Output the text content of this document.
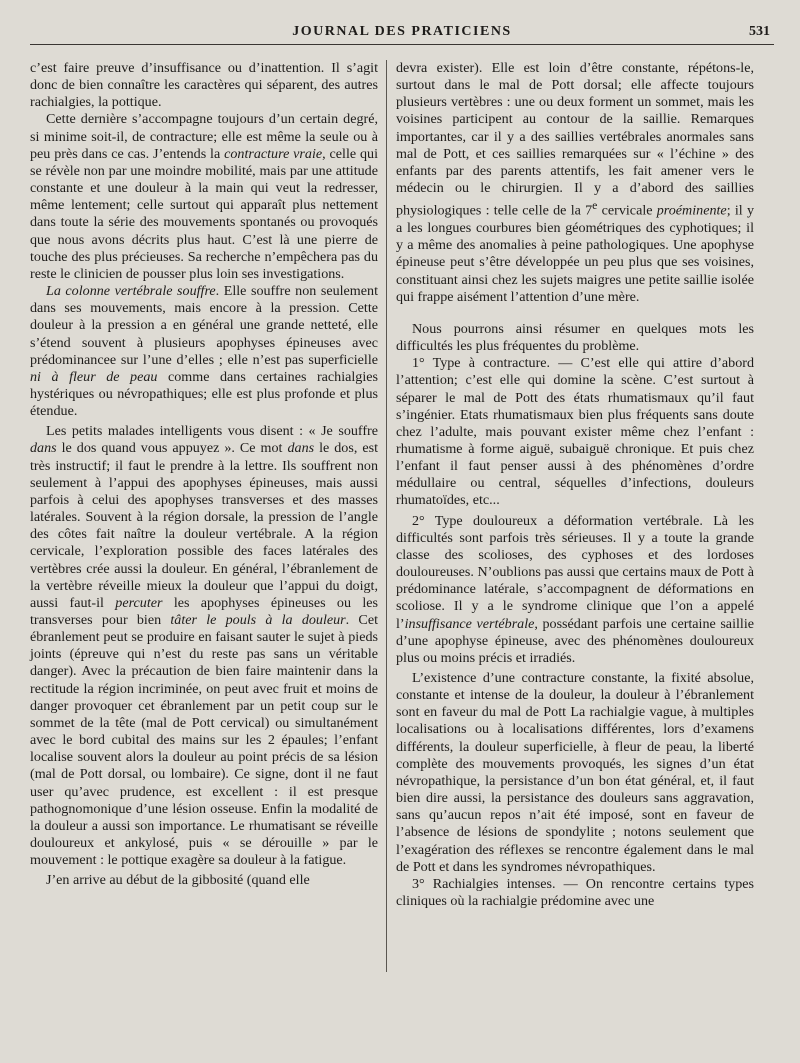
JOURNAL DES PRATICIENS	531

c’est faire preuve d’insuffisance ou d’inattention. Il s’agit donc de bien connaître les caractères qui séparent, des autres rachialgies, la pottique.

Cette dernière s’accompagne toujours d’un certain degré, si minime soit-il, de contracture; elle est même la seule ou à peu près dans ce cas. J’entends la contracture vraie, celle qui se révèle non par une moindre mobilité, mais par une attitude constante et une douleur à la main qui veut la redresser, même lentement; celle surtout qui apparaît plus nettement dans toute la série des mouvements spontanés ou provoqués que nous avons décrits plus haut. C’est là une pierre de touche des plus précieuses. Sa recherche n’empêchera pas du reste le clinicien de pousser plus loin ses investigations.

La colonne vertébrale souffre. Elle souffre non seulement dans ses mouvements, mais encore à la pression. Cette douleur à la pression a en général une grande netteté, elle s’étend souvent à plusieurs apophyses épineuses avec prédominancee sur l’une d’elles ; elle n’est pas superficielle ni à fleur de peau comme dans certaines rachialgies hystériques ou névropathiques; elle est plus profonde et plus étendue.

Les petits malades intelligents vous disent : « Je souffre dans le dos quand vous appuyez ». Ce mot dans le dos, est très instructif; il faut le prendre à la lettre. Ils souffrent non seulement à l’appui des apophyses épineuses, mais aussi parfois à celui des apophyses transverses et des masses latérales. Souvent à la région dorsale, la pression de l’angle des côtes fait naître la douleur vertébrale. A la région cervicale, l’exploration possible des faces latérales des vertèbres crée aussi la douleur. En général, l’ébranlement de la vertèbre réveille mieux la douleur que l’appui du doigt, aussi faut-il percuter les apophyses épineuses ou les transverses pour bien tâter le pouls à la douleur. Cet ébranlement peut se produire en faisant sauter le sujet à pieds joints (épreuve qui n’est du reste pas sans un véritable danger). Avec la précaution de bien faire maintenir dans la rectitude la région incriminée, on peut avec fruit et moins de danger provoquer cet ébranlement par un petit coup sur le sommet de la tête (mal de Pott cervical) ou simultanément avec le bord cubital des mains sur les 2 épaules; l’enfant localise souvent alors la douleur au point précis de sa lésion (mal de Pott dorsal, ou lombaire). Ce signe, dont il ne faut user qu’avec prudence, est excellent : il est presque pathognomonique d’une lésion osseuse. Enfin la modalité de la douleur a aussi son importance. Le rhumatisant se réveille douloureux et ankylosé, puis « se dérouille » par le mouvement : le pottique exagère sa douleur à la fatigue.

J’en arrive au début de la gibbosité (quand elle

devra exister). Elle est loin d’être constante, répétons-le, surtout dans le mal de Pott dorsal; elle affecte toujours plusieurs vertèbres : une ou deux forment un sommet, mais les voisines participent au contour de la saillie. Remarques importantes, car il y a des saillies vertébrales anormales sans mal de Pott, et ces saillies remarquées sur « l’échine » des enfants par des parents attentifs, les fait amener vers le médecin ou le chirurgien. Il y a d’abord des saillies physiologiques : telle celle de la 7e cervicale proéminente; il y a les longues courbures bien géométriques des cyphotiques; il y a même des anomalies à peine pathologiques. Une apophyse épineuse peut s’être développée un peu plus que ses voisines, constituant ainsi chez les sujets maigres une petite saillie isolée qui frappe aisément l’attention d’une mère.

Nous pourrons ainsi résumer en quelques mots les difficultés les plus fréquentes du problème.

1° Type à contracture. — C’est elle qui attire d’abord l’attention; c’est elle qui domine la scène. C’est surtout à séparer le mal de Pott des états rhumatismaux qu’il faut s’ingénier. Etats rhumatismaux bien plus fréquents sans doute chez l’adulte, mais pouvant exister même chez l’enfant : rhumatisme à forme aiguë, subaiguë chronique. Et puis chez l’enfant il faut penser aussi à des phénomènes d’ordre médullaire ou central, séquelles d’infections, douleurs rhumatoïdes, etc...

2° Type douloureux a déformation vertébrale. Là les difficultés sont parfois très sérieuses. Il y a toute la grande classe des scolioses, des cyphoses et des lordoses douloureuses. N’oublions pas aussi que certains maux de Pott à prédominance latérale, s’accompagnent de déformations en scoliose. Il y a le syndrome clinique que l’on a appelé l’insuffisance vertébrale, possédant parfois une certaine saillie d’une apophyse épineuse, avec des phénomènes douloureux plus ou moins précis et irradiés.

L’existence d’une contracture constante, la fixité absolue, constante et intense de la douleur, la douleur à l’ébranlement sont en faveur du mal de Pott La rachialgie vague, à multiples localisations ou à localisations différentes, lors d’examens différents, la douleur superficielle, à fleur de peau, la liberté complète des mouvements provoqués, les signes d’un état névropathique, la persistance d’un bon état général, et, il faut bien dire aussi, la persistance des douleurs sans aggravation, sans qu’aucun repos n’ait été imposé, sont en faveur de l’absence de lésions de spondylite ; notons seulement que l’exagération des réflexes se rencontre également dans le mal de Pott et dans les syndromes névropathiques.

3° Rachialgies intenses. — On rencontre certains types cliniques où la rachialgie prédomine avec une
